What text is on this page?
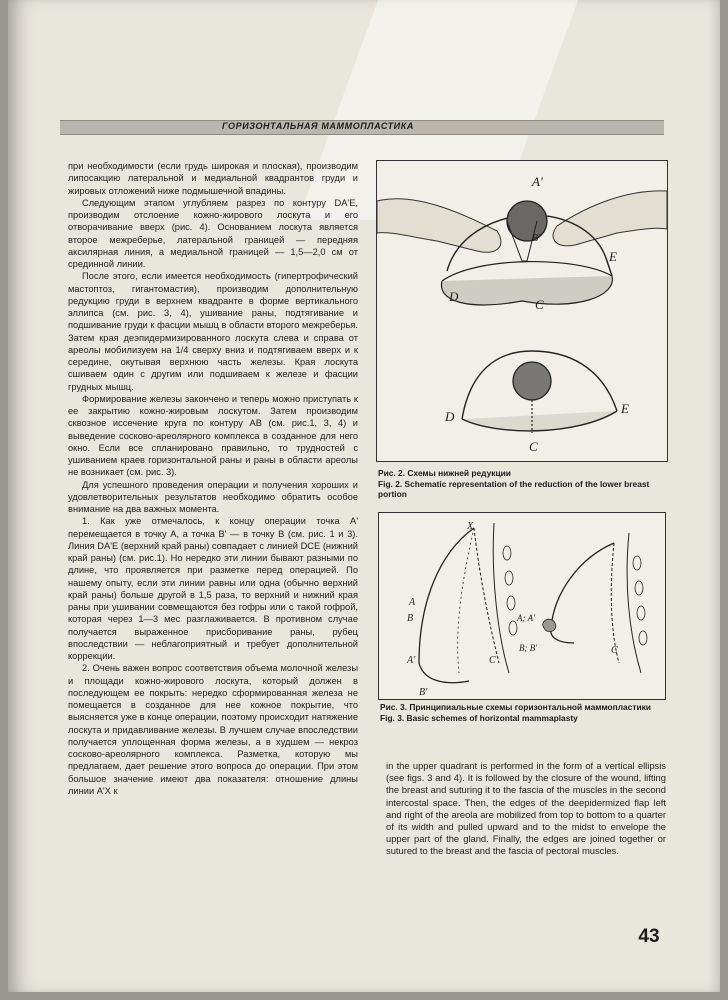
ГОРИЗОНТАЛЬНАЯ МАММОПЛАСТИКА

при необходимости (если грудь широкая и плоская), производим липосакцию латеральной и медиальной квадрантов груди и жировых отложений ниже подмышечной впадины.

Следующим этапом углубляем разрез по контуру DA'E, производим отслоение кожно-жирового лоскута и его отворачивание вверх (рис. 4). Основанием лоскута является второе межреберье, латеральной границей — передняя аксилярная линия, а медиальной границей — 1,5—2,0 см от срединной линии.

После этого, если имеется необходимость (гипертрофический мастоптоз, гигантомастия), производим дополнительную редукцию груди в верхнем квадранте в форме вертикального эллипса (см. рис. 3, 4), ушивание раны, подтягивание и подшивание груди к фасции мышц в области второго межреберья. Затем края деэпидермизированного лоскута слева и справа от ареолы мобилизуем на 1/4 сверху вниз и подтягиваем вверх и к середине, окутывая верхнюю часть железы. Края лоскута сшиваем один с другим или подшиваем к железе и фасции грудных мышц.

Формирование железы закончено и теперь можно приступать к ее закрытию кожно-жировым лоскутом. Затем производим сквозное иссечение круга по контуру AB (см. рис.1, 3, 4) и выведение сосково-ареолярного комплекса в созданное для него окно. Если все спланировано правильно, то трудностей с ушиванием краев горизонтальной раны и раны в области ареолы не возникает (см. рис. 3).

Для успешного проведения операции и получения хороших и удовлетворительных результатов необходимо обратить особое внимание на два важных момента.

1. Как уже отмечалось, к концу операции точка A' перемещается в точку A, а точка B' — в точку B (см. рис. 1 и 3). Линия DA'E (верхний край раны) совпадает с линией DCE (нижний край раны) (см. рис.1). Но нередко эти линии бывают разными по длине, что проявляется при разметке перед операцией. По нашему опыту, если эти линии равны или одна (обычно верхний край раны) больше другой в 1,5 раза, то верхний и нижний края раны при ушивании совмещаются без гофры или с такой гофрой, которая через 1—3 мес разглаживается. В противном случае получается выраженное присборивание раны, рубец впоследствии — неблагоприятный и требует дополнительной коррекции.

2. Очень важен вопрос соответствия объема молочной железы и площади кожно-жирового лоскута, который должен в последующем ее покрыть: нередко сформированная железа не помещается в созданное для нее кожное покрытие, что выясняется уже в конце операции, поэтому происходит натяжение лоскута и придавливание железы. В лучшем случае впоследствии получается уплощенная форма железы, а в худшем — некроз сосково-ареолярного комплекса. Разметка, которую мы предлагаем, дает решение этого вопроса до операции. При этом большое значение имеют два показателя: отношение длины линии A'X к

A'
B'
C
D
E
D
E
C
Рис. 2. Схемы нижней редукции
Fig. 2. Schematic representation of the reduction of the lower breast portion
X
A
B
A'
B'
C
A; A'
B; B'	C
Рис. 3. Принципиальные схемы горизонтальной маммопластики
Fig. 3. Basic schemes of horizontal mammaplasty

in the upper quadrant is performed in the form of a vertical ellipsis (see figs. 3 and 4). It is followed by the closure of the wound, lifting the breast and suturing it to the fascia of the muscles in the second intercostal space. Then, the edges of the deepidermized flap left and right of the areola are mobilized from top to bottom to a quarter of its width and pulled upward and to the midst to envelope the upper part of the gland. Finally, the edges are joined together or sutured to the breast and the fascia of pectoral muscles.

43
